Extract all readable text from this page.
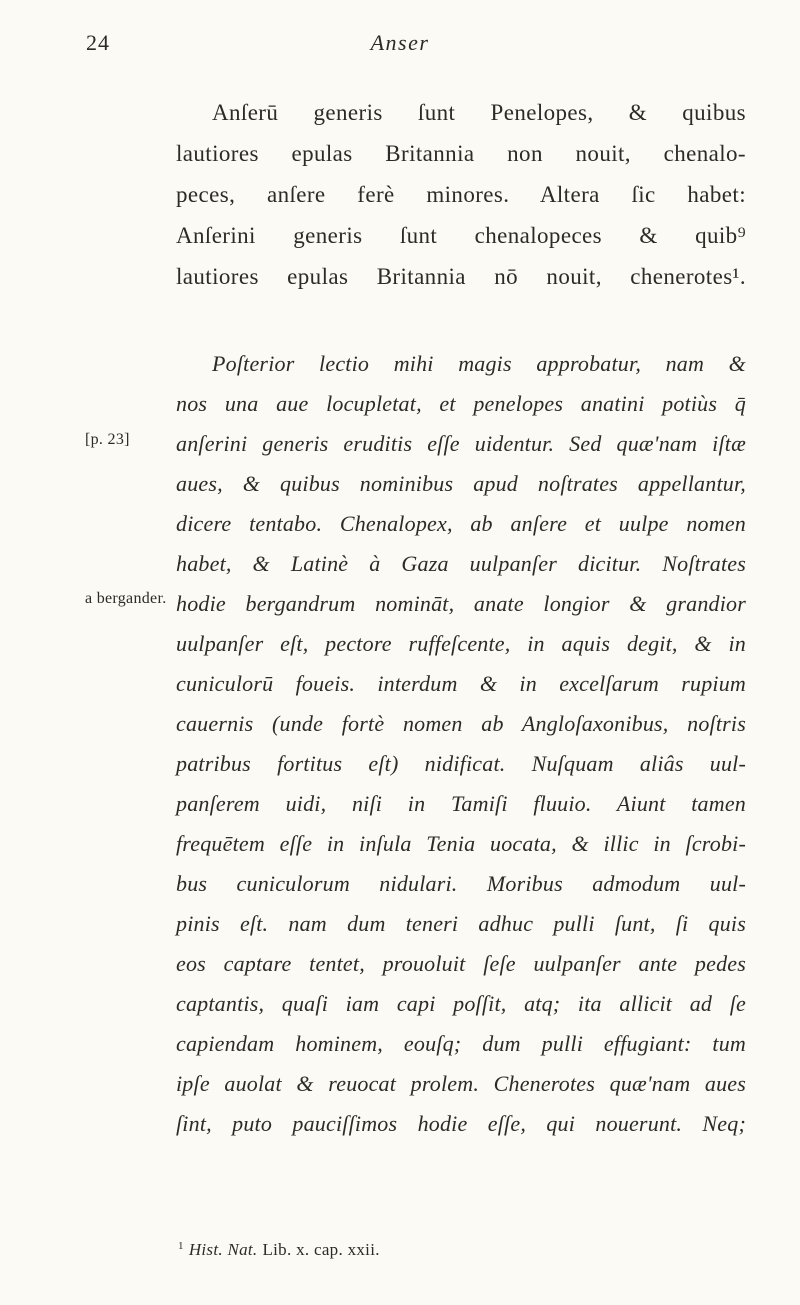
24	Anser
[p. 23]
a bergander.
Anſerū generis ſunt Penelopes, & quibus
lautiores epulas Britannia non nouit, chenalo-
peces, anſere ferè minores. Altera ſic habet:
Anſerini generis ſunt chenalopeces & quib⁹
lautiores epulas Britannia nō nouit, chenerotes¹.
Poſterior lectio mihi magis approbatur, nam &
nos una aue locupletat, et penelopes anatini potiùs q̄
anſerini generis eruditis eſſe uidentur. Sed quæ'nam iſtæ
aues, & quibus nominibus apud noſtrates appellantur,
dicere tentabo. Chenalopex, ab anſere et uulpe nomen
habet, & Latinè à Gaza uulpanſer dicitur. Noſtrates
hodie bergandrum nomināt, anate longior & grandior
uulpanſer eſt, pectore ruffeſcente, in aquis degit, & in
cuniculorū foueis. interdum & in excelſarum rupium
cauernis (unde fortè nomen ab Angloſaxonibus, noſtris
patribus fortitus eſt) nidificat. Nuſquam aliâs uul-
panſerem uidi, niſi in Tamiſi fluuio. Aiunt tamen
frequētem eſſe in inſula Tenia uocata, & illic in ſcrobi-
bus cuniculorum nidulari. Moribus admodum uul-
pinis eſt. nam dum teneri adhuc pulli ſunt, ſi quis
eos captare tentet, prouoluit ſeſe uulpanſer ante pedes
captantis, quaſi iam capi poſſit, atq; ita allicit ad ſe
capiendam hominem, eouſq; dum pulli effugiant: tum
ipſe auolat & reuocat prolem. Chenerotes quæ'nam aues
ſint, puto pauciſſimos hodie eſſe, qui nouerunt. Neq;
$^1$ Hist. Nat. Lib. x. cap. xxii.
